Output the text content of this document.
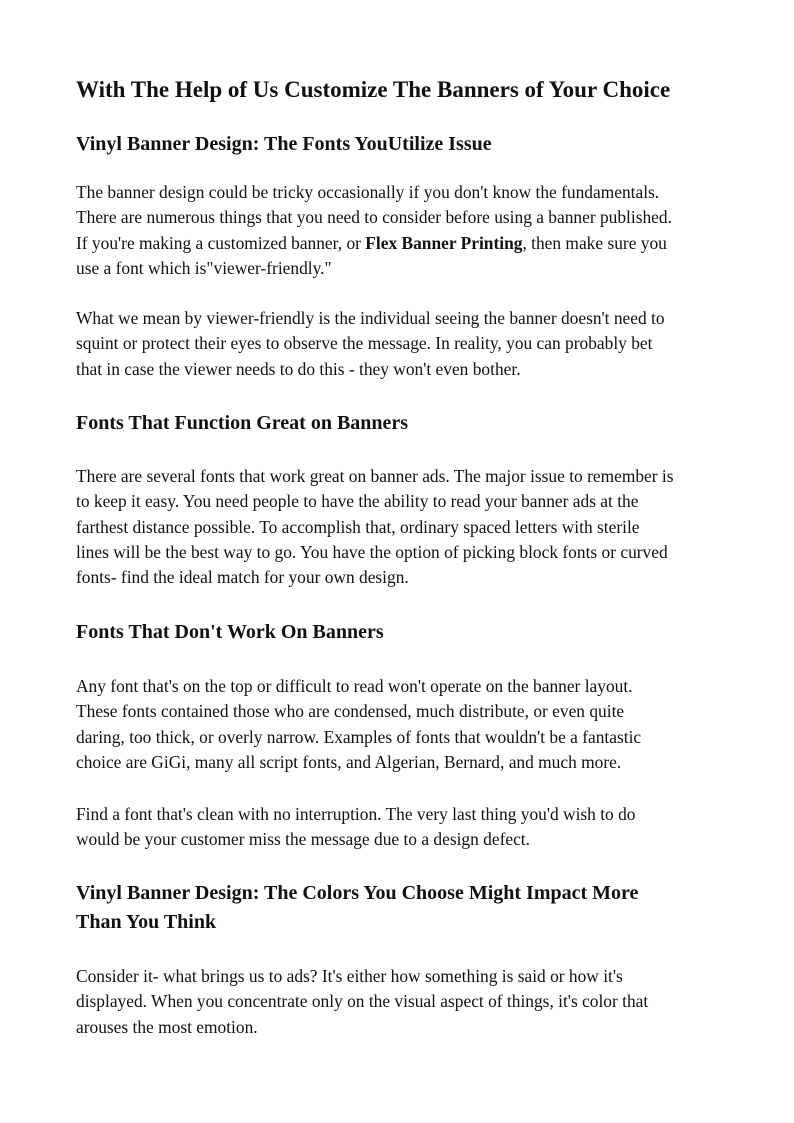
With The Help of Us Customize The Banners of Your Choice
Vinyl Banner Design: The Fonts YouUtilize Issue

The banner design could be tricky occasionally if you don't know the fundamentals.
There are numerous things that you need to consider before using a banner published.
If you're making a customized banner, or Flex Banner Printing, then make sure you
use a font which is"viewer-friendly."

What we mean by viewer-friendly is the individual seeing the banner doesn't need to
squint or protect their eyes to observe the message. In reality, you can probably bet
that in case the viewer needs to do this - they won't even bother.

Fonts That Function Great on Banners

There are several fonts that work great on banner ads. The major issue to remember is
to keep it easy. You need people to have the ability to read your banner ads at the
farthest distance possible. To accomplish that, ordinary spaced letters with sterile
lines will be the best way to go. You have the option of picking block fonts or curved
fonts- find the ideal match for your own design.

Fonts That Don't Work On Banners

Any font that's on the top or difficult to read won't operate on the banner layout.
These fonts contained those who are condensed, much distribute, or even quite
daring, too thick, or overly narrow. Examples of fonts that wouldn't be a fantastic
choice are GiGi, many all script fonts, and Algerian, Bernard, and much more.

Find a font that's clean with no interruption. The very last thing you'd wish to do
would be your customer miss the message due to a design defect.

Vinyl Banner Design: The Colors You Choose Might Impact More
Than You Think

Consider it- what brings us to ads? It's either how something is said or how it's
displayed. When you concentrate only on the visual aspect of things, it's color that
arouses the most emotion.
